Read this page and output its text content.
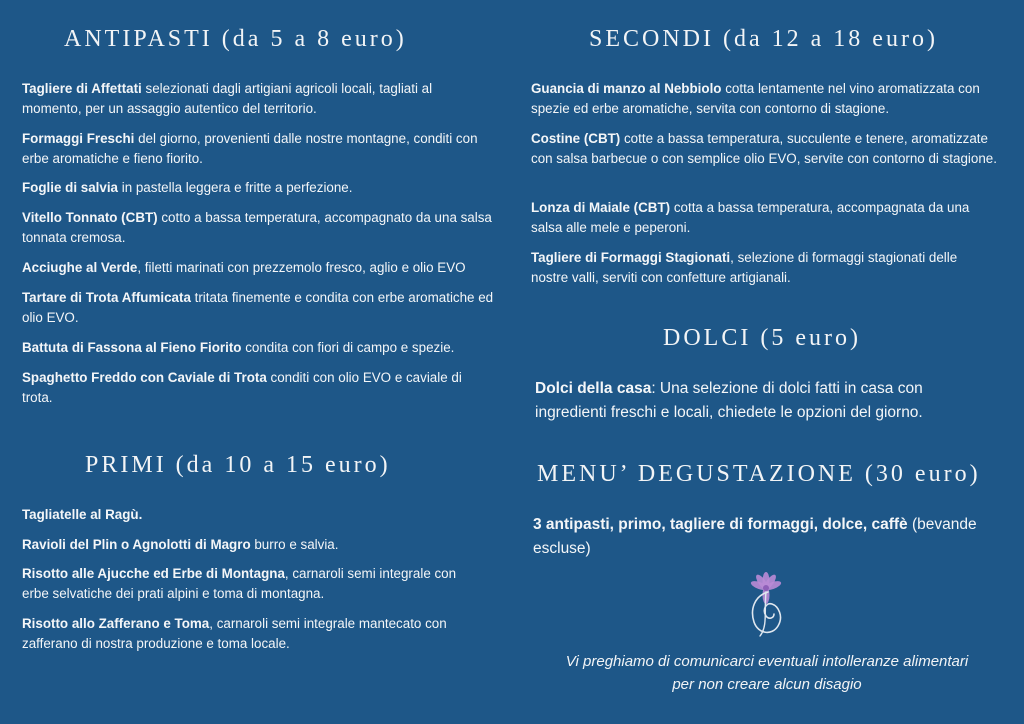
ANTIPASTI (da 5 a 8 euro)

Tagliere di Affettati selezionati dagli artigiani agricoli locali, tagliati al momento, per un assaggio autentico del territorio.

Formaggi Freschi del giorno, provenienti dalle nostre montagne, conditi con erbe aromatiche e fieno fiorito.

Foglie di salvia in pastella leggera e fritte a perfezione.

Vitello Tonnato (CBT) cotto a bassa temperatura, accompagnato da una salsa tonnata cremosa.

Acciughe al Verde, filetti marinati con prezzemolo fresco, aglio e olio EVO

Tartare di Trota Affumicata tritata finemente e condita con erbe aromatiche ed olio EVO.

Battuta di Fassona al Fieno Fiorito condita con fiori di campo e spezie.

Spaghetto Freddo con Caviale di Trota conditi con olio EVO e caviale di trota.

PRIMI (da 10 a 15 euro)

Tagliatelle al Ragù.

Ravioli del Plin o Agnolotti di Magro burro e salvia.

Risotto alle Ajucche ed Erbe di Montagna, carnaroli semi integrale con erbe selvatiche dei prati alpini e toma di montagna.

Risotto allo Zafferano e Toma, carnaroli semi integrale mantecato con zafferano di nostra produzione e toma locale.

SECONDI (da 12 a 18 euro)

Guancia di manzo al Nebbiolo cotta lentamente nel vino aromatizzata con spezie ed erbe aromatiche, servita con contorno di stagione.

Costine (CBT) cotte a bassa temperatura, succulente e tenere, aromatizzate con salsa barbecue o con semplice olio EVO, servite con contorno di stagione.

Lonza di Maiale (CBT) cotta a bassa temperatura, accompagnata da una salsa alle mele e peperoni.

Tagliere di Formaggi Stagionati, selezione di formaggi stagionati delle nostre valli, serviti con confetture artigianali.

DOLCI (5 euro)

Dolci della casa: Una selezione di dolci fatti in casa con ingredienti freschi e locali, chiedete le opzioni del giorno.

MENU’ DEGUSTAZIONE (30 euro)

3 antipasti, primo, tagliere di formaggi, dolce, caffè (bevande escluse)

Vi preghiamo di comunicarci eventuali intolleranze alimentari
per non creare alcun disagio
